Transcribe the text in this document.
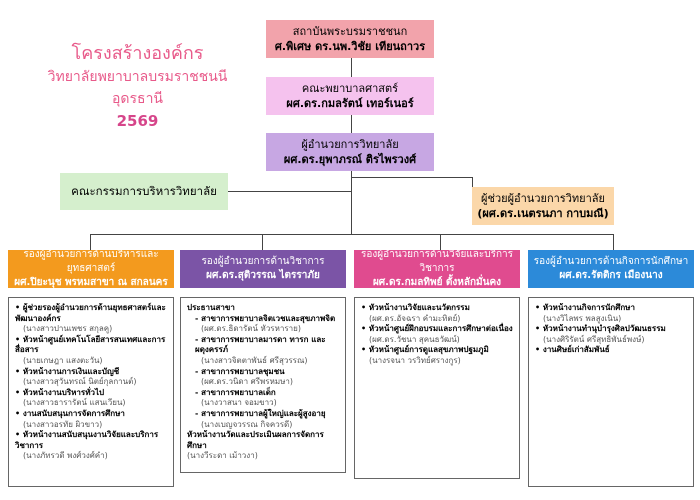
โครงสร้างองค์กร
วิทยาลัยพยาบาลบรมราชชนนี อุดรธานี
2569
สถาบันพระบรมราชชนก
ศ.พิเศษ ดร.นพ.วิชัย เทียนถาวร
คณะพยาบาลศาสตร์
ผศ.ดร.กมลรัตน์ เทอร์เนอร์
ผู้อำนวยการวิทยาลัย
ผศ.ดร.ยุพาภรณ์ ติรไพรวงศ์
คณะกรรมการบริหารวิทยาลัย
ผู้ช่วยผู้อำนวยการวิทยาลัย
(ผศ.ดร.เนตรนภา กาบมณี)
รองผู้อำนวยการด้านบริหารและยุทธศาสตร์
ผศ.ปิยะนุช พรหมสาขา ณ สกลนคร
รองผู้อำนวยการด้านวิชาการ
ผศ.ดร.สุติวรรณ ไตรราภัย
รองผู้อำนวยการด้านวิจัยและบริการวิชาการ
ผศ.ดร.กมลทิพย์ ตั้งหลักมั่นคง
รองผู้อำนวยการด้านกิจการนักศึกษา
ผศ.ดร.รัตติกร เมืองนาง
• ผู้ช่วยรองผู้อำนวยการด้านยุทธศาสตร์และพัฒนาองค์กร
(นางสาวปานเพชร สกุลคู)
• หัวหน้าศูนย์เทคโนโลยีสารสนเทศและการสื่อสาร
(นายเกษฎา แสงตะวัน)
• หัวหน้างานการเงินและบัญชี
(นางสาวสุวันทรณ์ นิตย์กุลกานต์)
• หัวหน้างานบริหารทั่วไป
(นางสาวธารารัตน์ แสนเวียน)
• งานสนับสนุนการจัดการศึกษา
(นางสาวอรทัย ผิวขาว)
• หัวหน้างานสนับสนุนงานวิจัยและบริการวิชาการ
(นางภัทรวดี พงศ์วงศ์คำ)
ประธานสาขา
- สาขาการพยาบาลจิตเวชและสุขภาพจิต
(ผศ.ดร.ธิดารัตน์ หัวรหาราย)
- สาขาการพยาบาลมารดา ทารก และผดุงครรภ์
(นางสาวจิตตาพันธ์ ศรีสุวรรณ)
- สาขาการพยาบาลชุมชน
(ผศ.ดร.วนิดา ศรีพรหมษา)
- สาขาการพยาบาลเด็ก
(นางวาสนา จอมขาว)
- สาขาการพยาบาลผู้ใหญ่และผู้สูงอายุ
(นางเบญจวรรณ กิจควรดี)
หัวหน้างานวัดและประเมินผลการจัดการศึกษา
(นางวีระดา เม้าวงา)
• หัวหน้างานวิจัยและนวัตกรรม
(ผศ.ดร.อัจฉรา คำมะทิตย์)
• หัวหน้าศูนย์ฝึกอบรมและการศึกษาต่อเนื่อง
(ผศ.ดร.วัชนา สุคนธวัฒน์)
• หัวหน้าศูนย์การดูแลสุขภาพปฐมภูมิ
(นางรจนา วรวิทย์ศรางกูร)
• หัวหน้างานกิจการนักศึกษา
(นางวิไลพร พลสูงเนิน)
• หัวหน้างานทำนุบำรุงศิลปวัฒนธรรม
(นางศิริรัตน์ ศรีสุทธิพันธ์พงษ์)
• งานศิษย์เก่าสัมพันธ์
